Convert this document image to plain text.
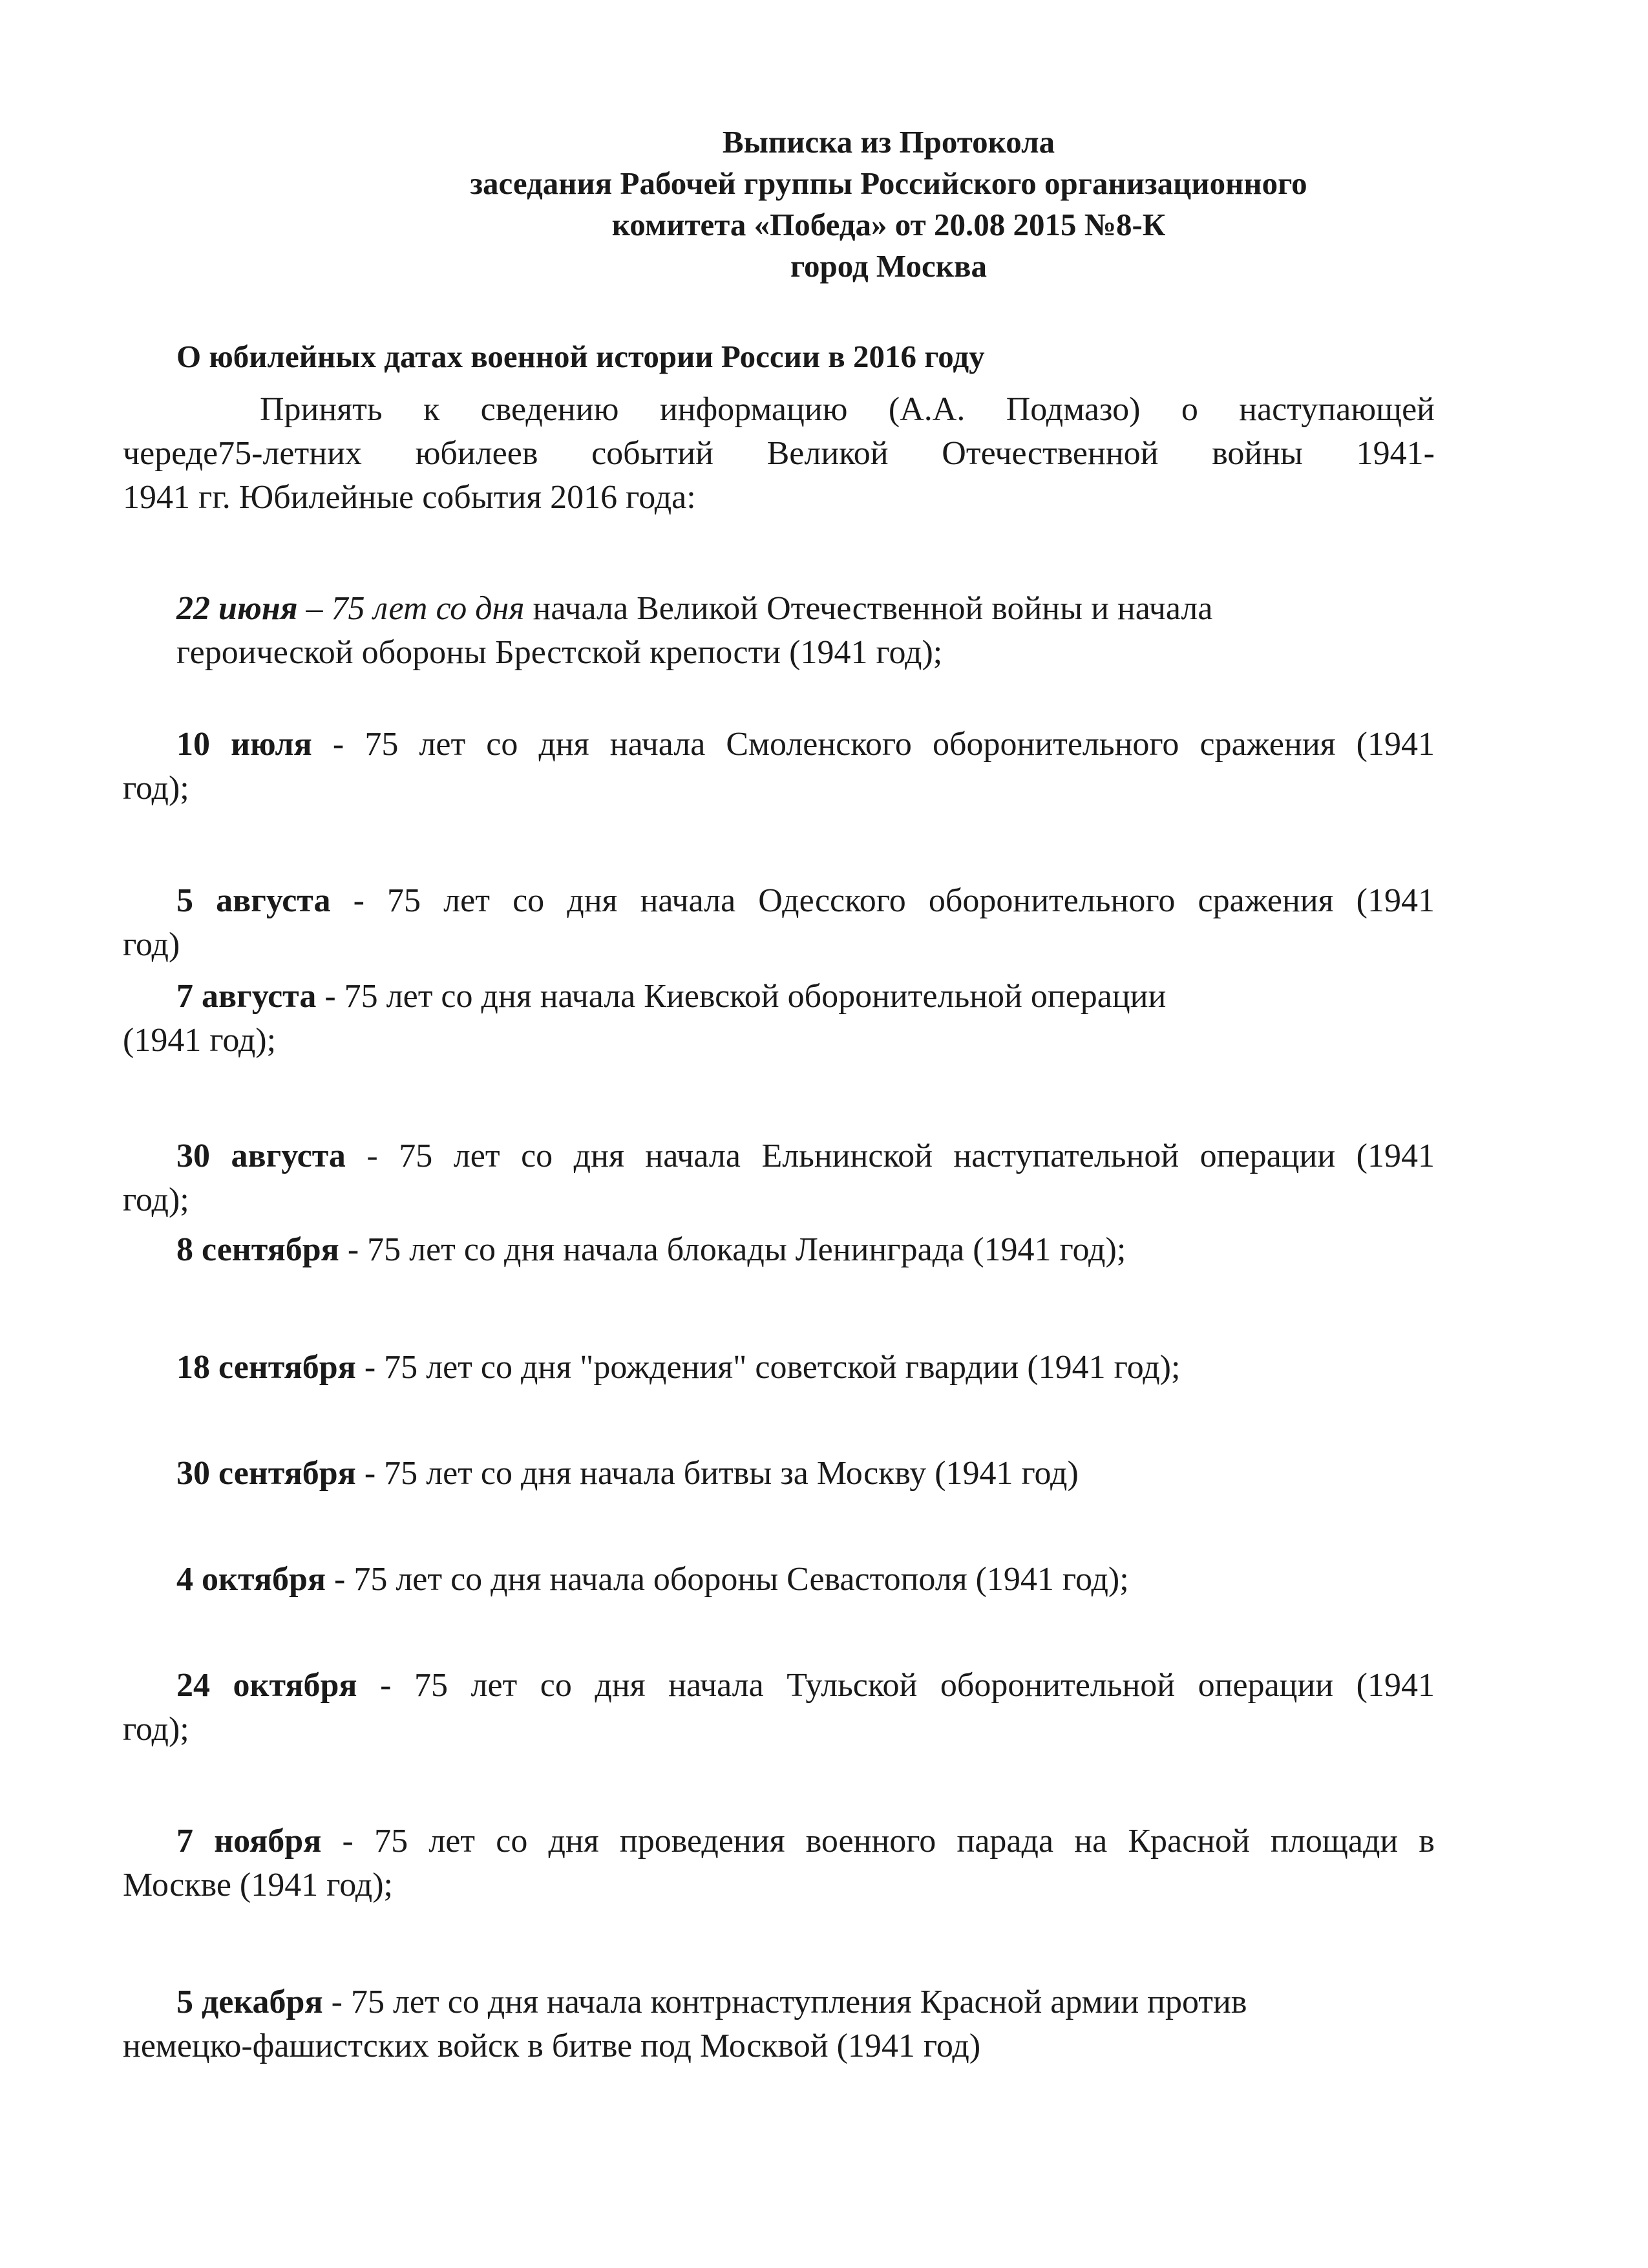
Выписка из Протокола
заседания Рабочей группы Российского организационного
комитета «Победа» от 20.08 2015 №8-К
город Москва
О юбилейных датах военной истории России в 2016 году
Принять к сведению информацию (А.А. Подмазо) о наступающей
череде75-летних юбилеев событий Великой Отечественной войны 1941-
1941 гг. Юбилейные события 2016 года:
22 июня – 75 лет со дня начала Великой Отечественной войны и начала
героической обороны Брестской крепости (1941 год);
10 июля - 75 лет со дня начала Смоленского оборонительного сражения (1941
год);
5 августа - 75 лет со дня начала Одесского оборонительного сражения (1941
год)
7 августа - 75 лет со дня начала Киевской оборонительной операции
(1941 год);
30 августа - 75 лет со дня начала Ельнинской наступательной операции (1941
год);
8 сентября - 75 лет со дня начала блокады Ленинграда (1941 год);
18 сентября - 75 лет со дня "рождения" советской гвардии (1941 год);
30 сентября - 75 лет со дня начала битвы за Москву (1941 год)
4 октября - 75 лет со дня начала обороны Севастополя (1941 год);
24 октября - 75 лет со дня начала Тульской оборонительной операции (1941
год);
7 ноября - 75 лет со дня проведения военного парада на Красной площади в
Москве (1941 год);
5 декабря - 75 лет со дня начала контрнаступления Красной армии против
немецко-фашистских войск в битве под Москвой (1941 год)
